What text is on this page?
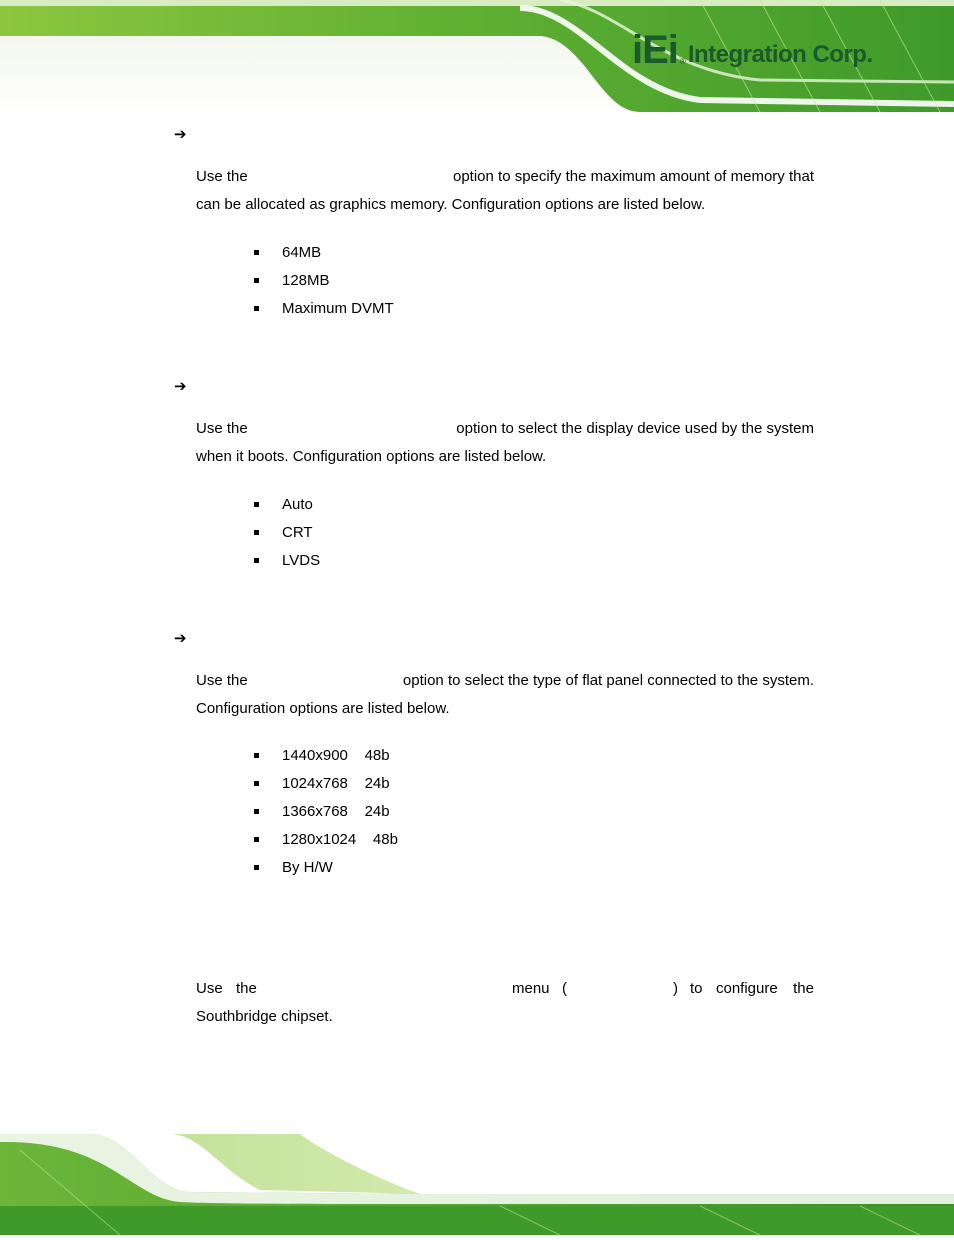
iEi ® Integration Corp.
➔
Use the	option to specify the maximum amount of memory that
can be allocated as graphics memory. Configuration options are listed below.
64MB
128MB
Maximum DVMT
➔
Use the	option to select the display device used by the system
when it boots. Configuration options are listed below.
Auto
CRT
LVDS
➔
Use the	option to select the type of flat panel connected to the system.
Configuration options are listed below.
1440x900    48b
1024x768    24b
1366x768    24b
1280x1024    48b
By H/W
Use the	menu (	) to configure the
Southbridge chipset.
